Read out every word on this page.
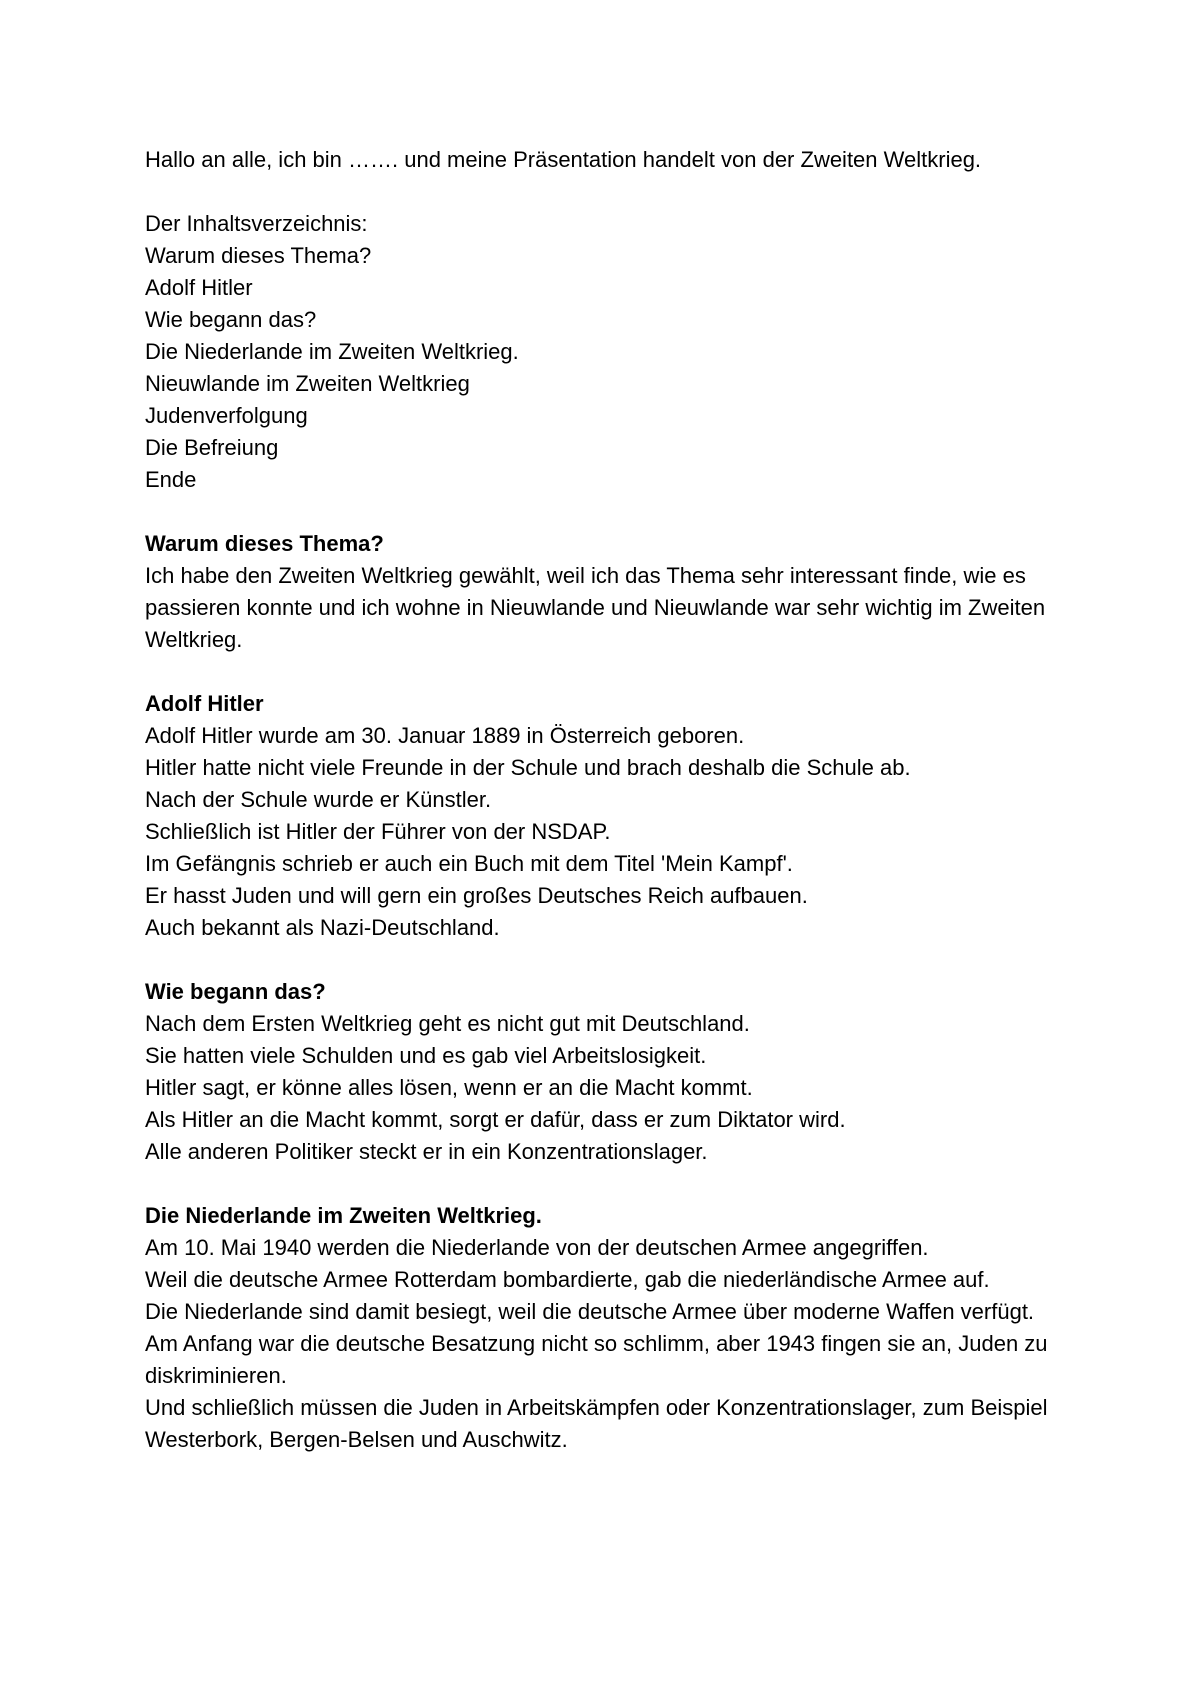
Hallo an alle, ich bin ……. und meine Präsentation handelt von der Zweiten Weltkrieg.

Der Inhaltsverzeichnis:

Warum dieses Thema?

Adolf Hitler

Wie begann das?

Die Niederlande im Zweiten Weltkrieg.

Nieuwlande im Zweiten Weltkrieg

Judenverfolgung

Die Befreiung

Ende

Warum dieses Thema?

Ich habe den Zweiten Weltkrieg gewählt, weil ich das Thema sehr interessant finde, wie es passieren konnte und ich wohne in Nieuwlande und Nieuwlande war sehr wichtig im Zweiten Weltkrieg.

Adolf Hitler

Adolf Hitler wurde am 30. Januar 1889 in Österreich geboren.

Hitler hatte nicht viele Freunde in der Schule und brach deshalb die Schule ab.

Nach der Schule wurde er Künstler.

Schließlich ist Hitler der Führer von der NSDAP.

Im Gefängnis schrieb er auch ein Buch mit dem Titel 'Mein Kampf'.

Er hasst Juden und will gern ein großes Deutsches Reich aufbauen.

Auch bekannt als Nazi-Deutschland.

Wie begann das?

Nach dem Ersten Weltkrieg geht es nicht gut mit Deutschland.

Sie hatten viele Schulden und es gab viel Arbeitslosigkeit.

Hitler sagt, er könne alles lösen, wenn er an die Macht kommt.

Als Hitler an die Macht kommt, sorgt er dafür, dass er zum Diktator wird.

Alle anderen Politiker steckt er in ein Konzentrationslager.

Die Niederlande im Zweiten Weltkrieg.

Am 10. Mai 1940 werden die Niederlande von der deutschen Armee angegriffen.

Weil die deutsche Armee Rotterdam bombardierte, gab die niederländische Armee auf.

Die Niederlande sind damit besiegt, weil die deutsche Armee über moderne Waffen verfügt.

Am Anfang war die deutsche Besatzung nicht so schlimm, aber 1943 fingen sie an, Juden zu diskriminieren.

Und schließlich müssen die Juden in Arbeitskämpfen oder Konzentrationslager, zum Beispiel Westerbork, Bergen-Belsen und Auschwitz.
